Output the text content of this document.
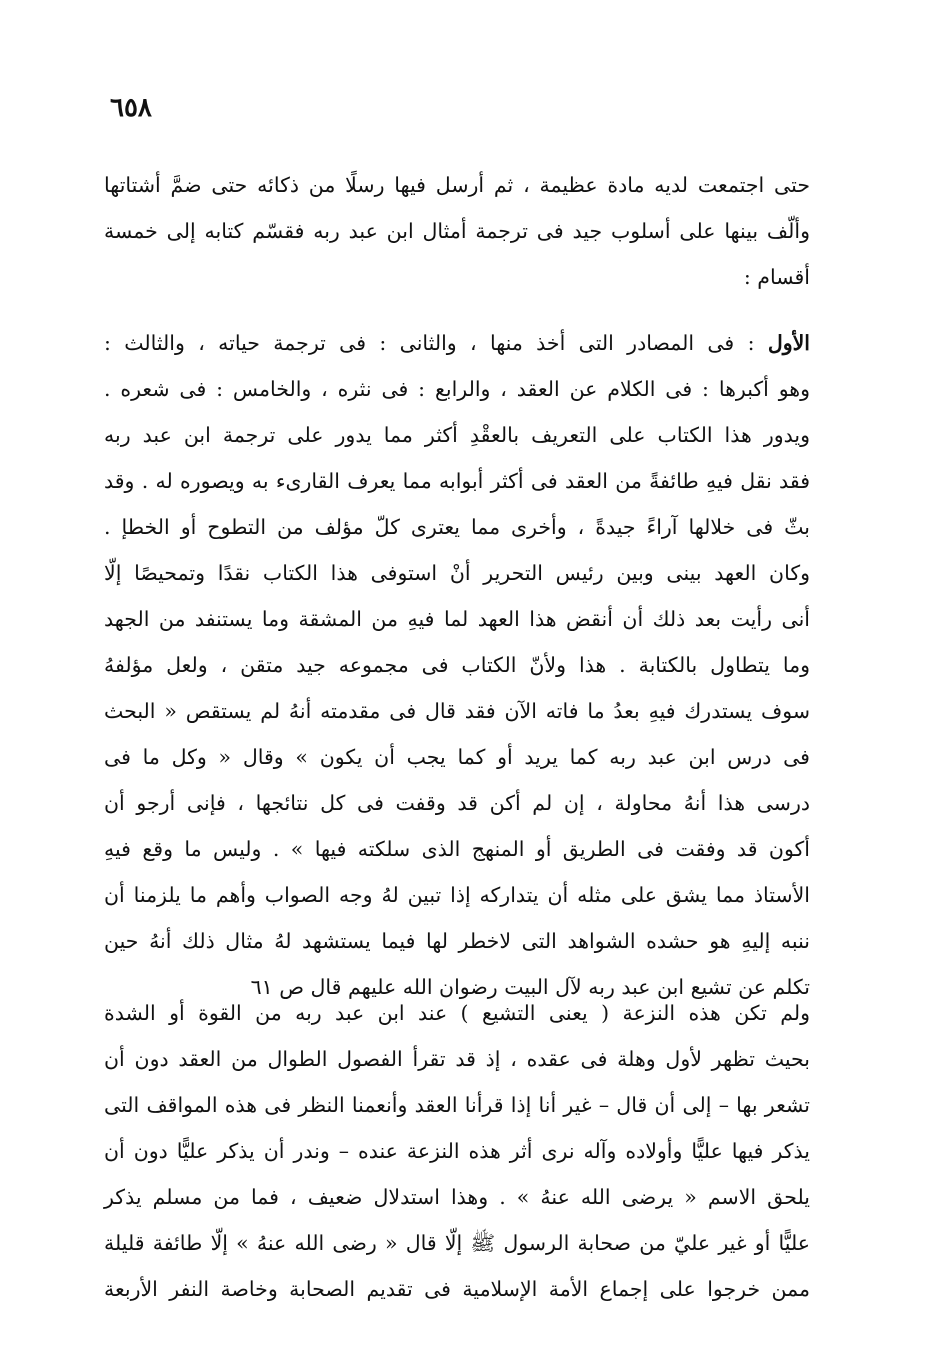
٦٥٨
حتى اجتمعت لديه مادة عظيمة ، ثم أرسل فيها رسلًا من ذكائه حتى ضمَّ أشتاتها
وألّف بينها على أسلوب جيد فى ترجمة أمثال ابن عبد ربه فقسّم كتابه إلى خمسة
أقسام :
الأول : فى المصادر التى أخذ منها ، والثانى : فى ترجمة حياته ، والثالث :
وهو أكبرها : فى الكلام عن العقد ، والرابع : فى نثره ، والخامس : فى شعره .
ويدور هذا الكتاب على التعريف بالعقْدِ أكثر مما يدور على ترجمة ابن عبد ربه
فقد نقل فيهِ طائفةً من العقد فى أكثر أبوابه مما يعرف القارىء به ويصوره له . وقد
بثّ فى خلالها آراءً جيدةً ، وأخرى مما يعترى كلّ مؤلف من التطوح أو الخطإ .
وكان العهد بينى وبين رئيس التحرير أنْ استوفى هذا الكتاب نقدًا وتمحيصًا إلّا
أنى رأيت بعد ذلك أن أنقض هذا العهد لما فيهِ من المشقة وما يستنفد من الجهد
وما يتطاول بالكتابة . هذا ولأنّ الكتاب فى مجموعه جيد متقن ، ولعل مؤلفهُ
سوف يستدرك فيهِ بعدُ ما فاته الآن فقد قال فى مقدمته أنهُ لم يستقص « البحث
فى درس ابن عبد ربه كما يريد أو كما يجب أن يكون » وقال « وكل ما فى
درسى هذا أنهُ محاولة ، إن لم أكن قد وقفت فى كل نتائجها ، فإنى أرجو أن
أكون قد وفقت فى الطريق أو المنهج الذى سلكته فيها » . وليس ما وقع فيهِ
الأستاذ مما يشق على مثله أن يتداركه إذا تبين لهُ وجه الصواب وأهم ما يلزمنا أن
ننبه إليهِ هو حشده الشواهد التى لاخطر لها فيما يستشهد لهُ مثال ذلك أنهُ حين
تكلم عن تشيع ابن عبد ربه لآل البيت رضوان الله عليهم قال ص ٦١
ولم تكن هذه النزعة ( يعنى التشيع ) عند ابن عبد ربه من القوة أو الشدة
بحيث تظهر لأول وهلة فى عقده ، إذ قد تقرأ الفصول الطوال من العقد دون أن
تشعر بها – إلى أن قال – غير أنا إذا قرأنا العقد وأنعمنا النظر فى هذه المواقف التى
يذكر فيها عليًّا وأولاده وآله نرى أثر هذه النزعة عنده – وندر أن يذكر عليًّا دون أن
يلحق الاسم « يرضى الله عنهُ » . وهذا استدلال ضعيف ، فما من مسلم يذكر
عليًّا أو غير عليّ من صحابة الرسول ﷺ إلّا قال « رضى الله عنهُ » إلّا طائفة قليلة
ممن خرجوا على إجماع الأمة الإسلامية فى تقديم الصحابة وخاصة النفر الأربعة
